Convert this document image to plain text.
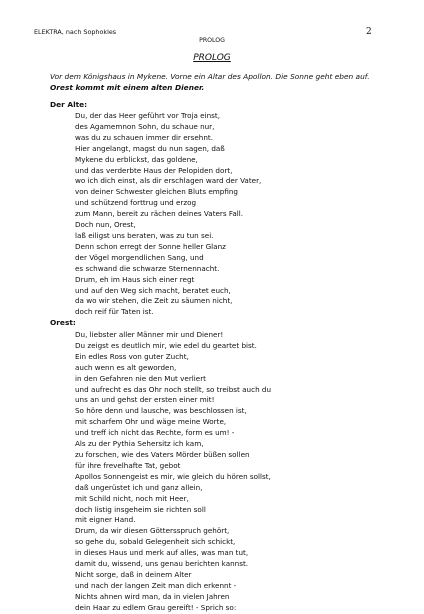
ELEKTRA, nach Sophokles
PROLOG
2
PROLOG
Vor dem Königshaus in Mykene. Vorne ein Altar des Apollon. Die Sonne geht eben auf.
Orest kommt mit einem alten Diener.
Der Alte:
Du, der das Heer geführt vor Troja einst,
des Agamemnon Sohn, du schaue nur,
was du zu schauen immer dir ersehnt.
Hier angelangt, magst du nun sagen, daß
Mykene du erblickst, das goldene,
und das verderbte Haus der Pelopiden dort,
wo ich dich einst, als dir erschlagen ward der Vater,
von deiner Schwester gleichen Bluts empfing
und schützend forttrug und erzog
zum Mann, bereit zu rächen deines Vaters Fall.
Doch nun, Orest,
laß eiligst uns beraten, was zu tun sei.
Denn schon erregt der Sonne heller Glanz
der Vögel morgendlichen Sang, und
es schwand die schwarze Sternennacht.
Drum, eh im Haus sich einer regt
und auf den Weg sich macht, beratet euch,
da wo wir stehen, die Zeit zu säumen nicht,
doch reif für Taten ist.
Orest:
Du, liebster aller Männer mir und Diener!
Du zeigst es deutlich mir, wie edel du geartet bist.
Ein edles Ross von guter Zucht,
auch wenn es alt geworden,
in den Gefahren nie den Mut verliert
und aufrecht es das Ohr noch stellt, so treibst auch du
uns an und gehst der ersten einer mit!
So höre denn und lausche, was beschlossen ist,
mit scharfem Ohr und wäge meine Worte,
und treff ich nicht das Rechte, form es um! -
Als zu der Pythia Sehersitz ich kam,
zu forschen, wie des Vaters Mörder büßen sollen
für ihre frevelhafte Tat, gebot
Apollos Sonnengeist es mir, wie gleich du hören sollst,
daß ungerüstet ich und ganz allein,
mit Schild nicht, noch mit Heer,
doch listig insgeheim sie richten soll
mit eigner Hand.
Drum, da wir diesen Göttersspruch gehört,
so gehe du, sobald Gelegenheit sich schickt,
in dieses Haus und merk auf alles, was man tut,
damit du, wissend, uns genau berichten kannst.
Nicht sorge, daß in deinem Alter
und nach der langen Zeit man dich erkennt -
Nichts ahnen wird man, da in vielen Jahren
dein Haar zu edlem Grau gereift! - Sprich so:
